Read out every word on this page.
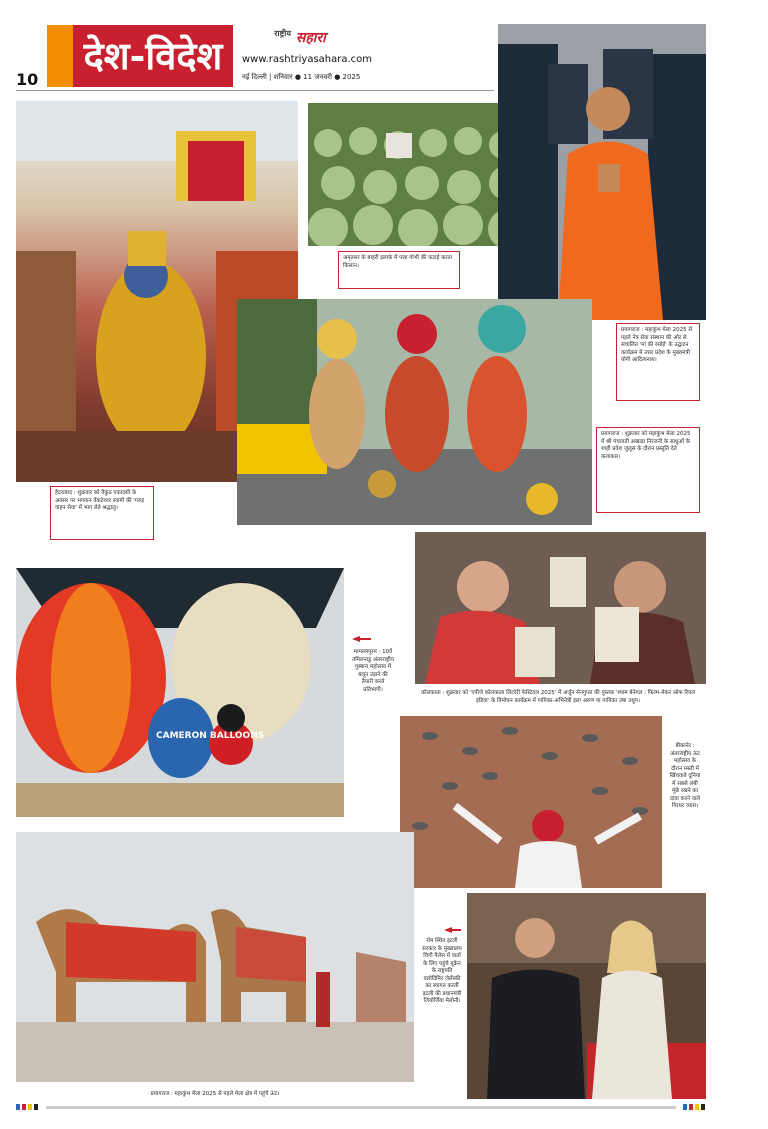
10
देश-विदेश	$^{राष्ट्रीय}$ सहारा
www.rashtriyasahara.com
नई दिल्ली | शनिवार ● 11 जनवरी ● 2025
हैदराबाद : शुक्रवार को वैकुंठ एकादशी के अवसर पर भगवान वेंकटेश्वर स्वामी की 'गरुड़ वाहन सेवा' में भाग लेते श्रद्धालु।
अमृतसर के बाहरी इलाके में पत्ता गोभी की कटाई करता किसान।
प्रयागराज : महाकुंभ मेला 2025 से पहले नेत्र सेवा संस्थान की ओर से संचालित 'मां की रसोई' के उद्घाटन कार्यक्रम में उत्तर प्रदेश के मुख्यमंत्री योगी आदित्यनाथ।
प्रयागराज : शुक्रवार को महाकुंभ मेला 2025 में श्री पंचायती अखाड़ा निरंजनी के साधुओं के शाही प्रवेश जुलूस के दौरान प्रस्तुति देते कलाकार।
CAMERON BALLOONS
मामल्लपुरम : 10वें तमिलनाडु अंतरराष्ट्रीय गुब्बारा महोत्सव में बलून उड़ाने की तैयारी करते प्रतिभागी।
कोलकाता : शुक्रवार को 'एपीजे कोलकाता लिटरेरी फेस्टिवल 2025' में अर्जुन सेनगुप्ता की पुस्तक 'श्याम बेनेगल : फिल्म-मेकर ऑफ रियल इंडिया' के विमोचन कार्यक्रम में गायिका-अभिनेत्री इला अरुण या गायिका उषा उथुप।
बीकानेर : अंतरराष्ट्रीय ऊंट महोत्सव के दौरान मस्ती में खिंचवाते दुनिया में सबसे लंबी मूंछे रखने का दावा करने वाले गिरधर व्यास।
प्रयागराज : महाकुंभ मेला 2025 से पहले मेला क्षेत्र में पहुंचे ऊंट।
रोम स्थित इटली सरकार के मुख्यालय चिगी पैलेस में वार्ता के लिए पहुंचे यूक्रेन के राष्ट्रपति वलोदिमिर जेलेंस्की का स्वागत करतीं इटली की प्रधानमंत्री जियोर्जिया मेलोनी।
